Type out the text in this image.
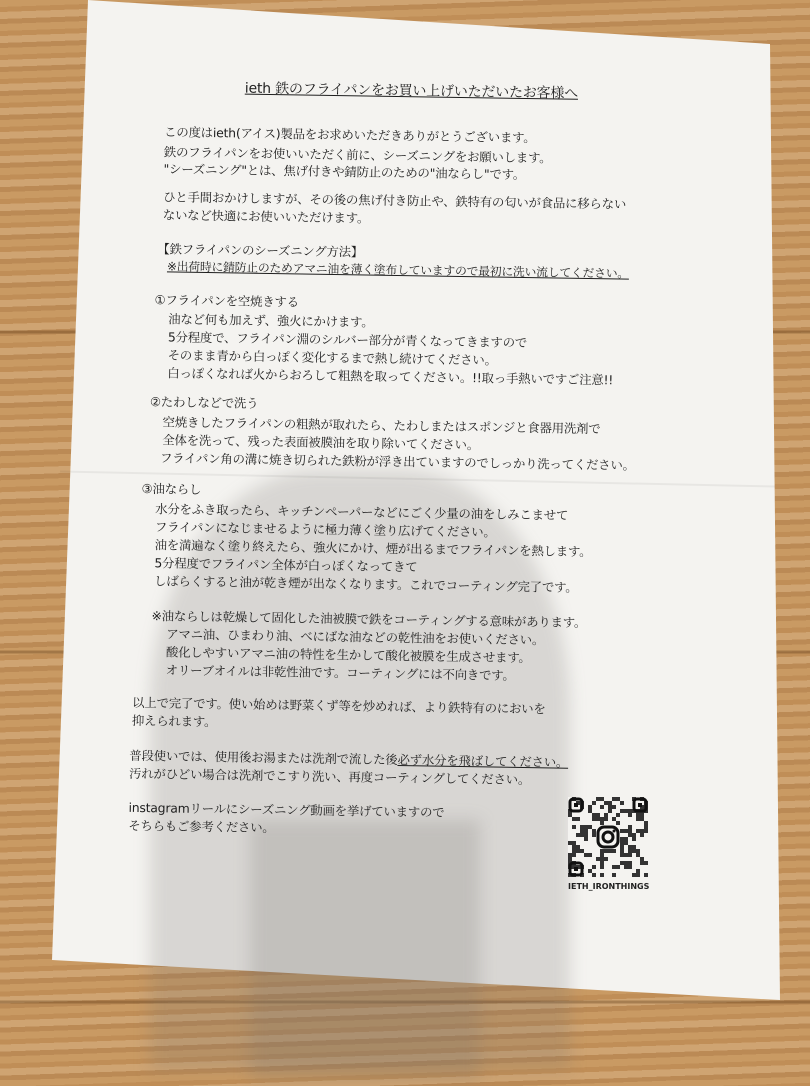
ieth 鉄のフライパンをお買い上げいただいたお客様へ
この度はieth(アイス)製品をお求めいただきありがとうございます。
鉄のフライパンをお使いいただく前に、シーズニングをお願いします。
"シーズニング"とは、焦げ付きや錆防止のための"油ならし"です。
ひと手間おかけしますが、その後の焦げ付き防止や、鉄特有の匂いが食品に移らない
ないなど快適にお使いいただけます。
【鉄フライパンのシーズニング方法】
※出荷時に錆防止のためアマニ油を薄く塗布していますので最初に洗い流してください。
①フライパンを空焼きする
油など何も加えず、強火にかけます。
5分程度で、フライパン淵のシルバー部分が青くなってきますので
そのまま青から白っぽく変化するまで熱し続けてください。
白っぽくなれば火からおろして粗熱を取ってください。!!取っ手熱いですご注意!!
②たわしなどで洗う
空焼きしたフライパンの粗熱が取れたら、たわしまたはスポンジと食器用洗剤で
全体を洗って、残った表面被膜油を取り除いてください。
フライパン角の溝に焼き切られた鉄粉が浮き出ていますのでしっかり洗ってください。
③油ならし
水分をふき取ったら、キッチンペーパーなどにごく少量の油をしみこませて
フライパンになじませるように極力薄く塗り広げてください。
油を満遍なく塗り終えたら、強火にかけ、煙が出るまでフライパンを熱します。
5分程度でフライパン全体が白っぽくなってきて
しばらくすると油が乾き煙が出なくなります。これでコーティング完了です。
※油ならしは乾燥して固化した油被膜で鉄をコーティングする意味があります。
アマニ油、ひまわり油、べにばな油などの乾性油をお使いください。
酸化しやすいアマニ油の特性を生かして酸化被膜を生成させます。
オリーブオイルは非乾性油です。コーティングには不向きです。
以上で完了です。使い始めは野菜くず等を炒めれば、より鉄特有のにおいを
抑えられます。
普段使いでは、使用後お湯または洗剤で流した後必ず水分を飛ばしてください。
汚れがひどい場合は洗剤でこすり洗い、再度コーティングしてください。
instagramリールにシーズニング動画を挙げていますので
そちらもご参考ください。
IETH_IRONTHINGS
